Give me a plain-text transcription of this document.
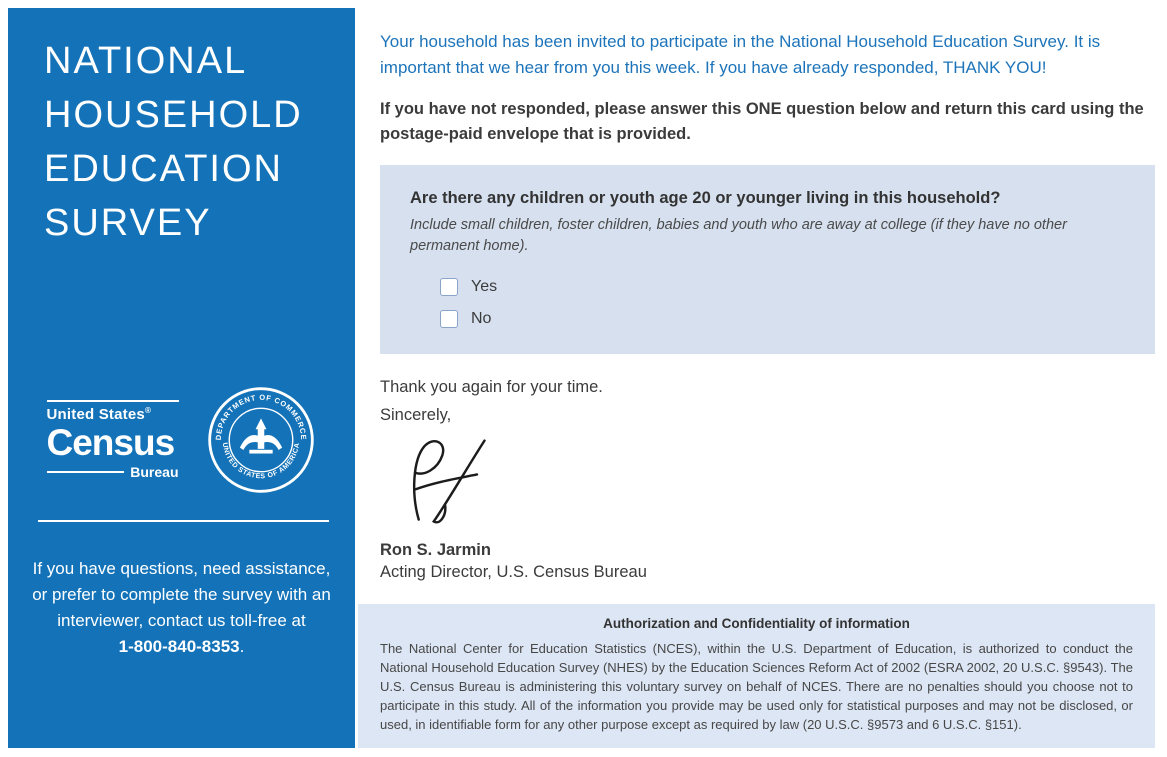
NATIONAL
HOUSEHOLD
EDUCATION
SURVEY
United States®
Census
Bureau
DEPARTMENT OF COMMERCE
UNITED STATES OF AMERICA

If you have questions, need assistance, or prefer to complete the survey with an interviewer, contact us toll-free at
1-800-840-8353.

Your household has been invited to participate in the National Household Education Survey. It is important that we hear from you this week. If you have already responded, THANK YOU!

If you have not responded, please answer this ONE question below and return this card using the postage-paid envelope that is provided.

Are there any children or youth age 20 or younger living in this household?

Include small children, foster children, babies and youth who are away at college (if they have no other permanent home).

Yes
No

Thank you again for your time.

Sincerely,

Ron S. Jarmin

Acting Director, U.S. Census Bureau

Authorization and Confidentiality of information

The National Center for Education Statistics (NCES), within the U.S. Department of Education, is authorized to conduct the National Household Education Survey (NHES) by the Education Sciences Reform Act of 2002 (ESRA 2002, 20 U.S.C. §9543). The U.S. Census Bureau is administering this voluntary survey on behalf of NCES. There are no penalties should you choose not to participate in this study. All of the information you provide may be used only for statistical purposes and may not be disclosed, or used, in identifiable form for any other purpose except as required by law (20 U.S.C. §9573 and 6 U.S.C. §151).
